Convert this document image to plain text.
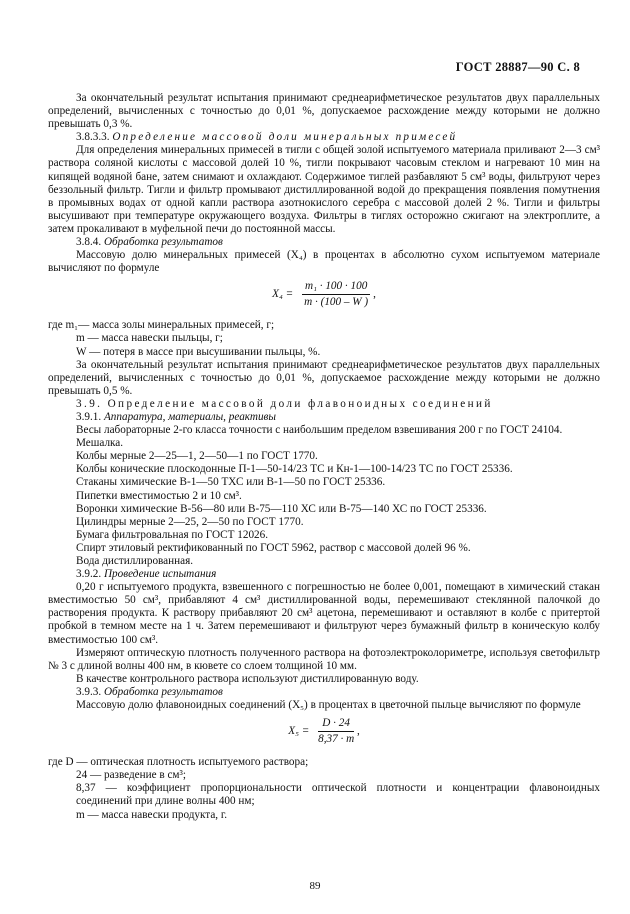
ГОСТ 28887—90 С. 8

За окончательный результат испытания принимают среднеарифметическое результатов двух параллельных определений, вычисленных с точностью до 0,01 %, допускаемое расхождение между которыми не должно превышать 0,3 %.

3.8.3.3. Определение массовой доли минеральных примесей

Для определения минеральных примесей в тигли с общей золой испытуемого материала приливают 2—3 см³ раствора соляной кислоты с массовой долей 10 %, тигли покрывают часовым стеклом и нагревают 10 мин на кипящей водяной бане, затем снимают и охлаждают. Содержимое тиглей разбавляют 5 см³ воды, фильтруют через беззольный фильтр. Тигли и фильтр промывают дистиллированной водой до прекращения появления помутнения в промывных водах от одной капли раствора азотнокислого серебра с массовой долей 2 %. Тигли и фильтры высушивают при температуре окружающего воздуха. Фильтры в тиглях осторожно сжигают на электроплите, а затем прокаливают в муфельной печи до постоянной массы.

3.8.4. Обработка результатов

Массовую долю минеральных примесей (X₄) в процентах в абсолютно сухом испытуемом материале вычисляют по формуле

$X_4 = \frac{\text{m₁ · 100 · 100}}{m \cdot (100 - W )}$ ,

где m₁— масса золы минеральных примесей, г;

m — масса навески пыльцы, г;

W — потеря в массе при высушивании пыльцы, %.

За окончательный результат испытания принимают среднеарифметическое результатов двух параллельных определений, вычисленных с точностью до 0,01 %, допускаемое расхождение между которыми не должно превышать 0,5 %.

3.9. Определение массовой доли флавоноидных соединений

3.9.1. Аппаратура, материалы, реактивы

Весы лабораторные 2-го класса точности с наибольшим пределом взвешивания 200 г по ГОСТ 24104.

Мешалка.

Колбы мерные 2—25—1, 2—50—1 по ГОСТ 1770.

Колбы конические плоскодонные П-1—50-14/23 ТС и Кн-1—100-14/23 ТС по ГОСТ 25336.

Стаканы химические В-1—50 ТХС или В-1—50 по ГОСТ 25336.

Пипетки вместимостью 2 и 10 см³.

Воронки химические В-56—80 или В-75—110 ХС или В-75—140 ХС по ГОСТ 25336.

Цилиндры мерные 2—25, 2—50 по ГОСТ 1770.

Бумага фильтровальная по ГОСТ 12026.

Спирт этиловый ректификованный по ГОСТ 5962, раствор с массовой долей 96 %.

Вода дистиллированная.

3.9.2. Проведение испытания

0,20 г испытуемого продукта, взвешенного с погрешностью не более 0,001, помещают в химический стакан вместимостью 50 см³, прибавляют 4 см³ дистиллированной воды, перемешивают стеклянной палочкой до растворения продукта. К раствору прибавляют 20 см³ ацетона, перемешивают и оставляют в колбе с притертой пробкой в темном месте на 1 ч. Затем перемешивают и фильтруют через бумажный фильтр в коническую колбу вместимостью 100 см³.

Измеряют оптическую плотность полученного раствора на фотоэлектроколориметре, используя светофильтр № 3 с длиной волны 400 нм, в кювете со слоем толщиной 10 мм.

В качестве контрольного раствора используют дистиллированную воду.

3.9.3. Обработка результатов

Массовую долю флавоноидных соединений (X₅) в процентах в цветочной пыльце вычисляют по формуле

$X_5 = \frac{D \cdot 24}{8,37 \cdot m}$ ,

где D — оптическая плотность испытуемого раствора;

24 — разведение в см³;

8,37 — коэффициент пропорциональности оптической плотности и концентрации флавоноидных соединений при длине волны 400 нм;

m — масса навески продукта, г.

89
